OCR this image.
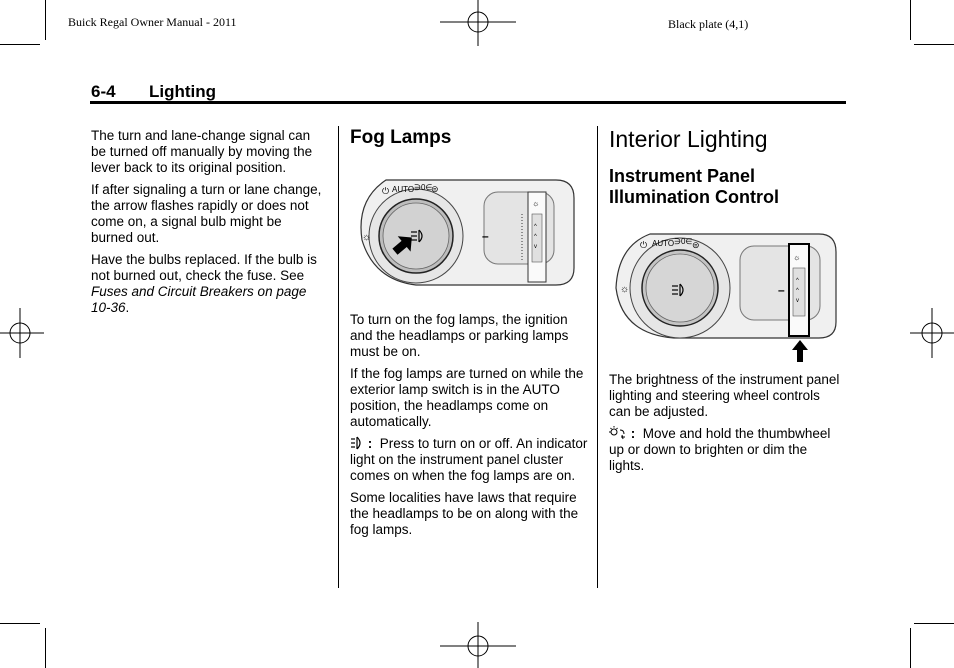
Buick Regal Owner Manual - 2011	Black plate (4,1)
6-4 Lighting

The turn and lane-change signal can be turned off manually by moving the lever back to its original position.

If after signaling a turn or lane change, the arrow flashes rapidly or does not come on, a signal bulb might be burned out.

Have the bulbs replaced. If the bulb is not burned out, check the fuse. See Fuses and Circuit Breakers on page 10-36.

Fog Lamps
AUTO
⏻	∋0∈
⊜
☼	–
☼
^
^
v

To turn on the fog lamps, the ignition and the headlamps or parking lamps must be on.

If the fog lamps are turned on while the exterior lamp switch is in the AUTO position, the headlamps come on automatically.

: Press to turn on or off. An indicator light on the instrument panel cluster comes on when the fog lamps are on.

Some localities have laws that require the headlamps to be on along with the fog lamps.

Interior Lighting
Instrument Panel Illumination Control
AUTO
⏻	∋0∈ ⊜
☼	–
☼
^
^
v

The brightness of the instrument panel lighting and steering wheel controls can be adjusted.

: Move and hold the thumbwheel up or down to brighten or dim the lights.
